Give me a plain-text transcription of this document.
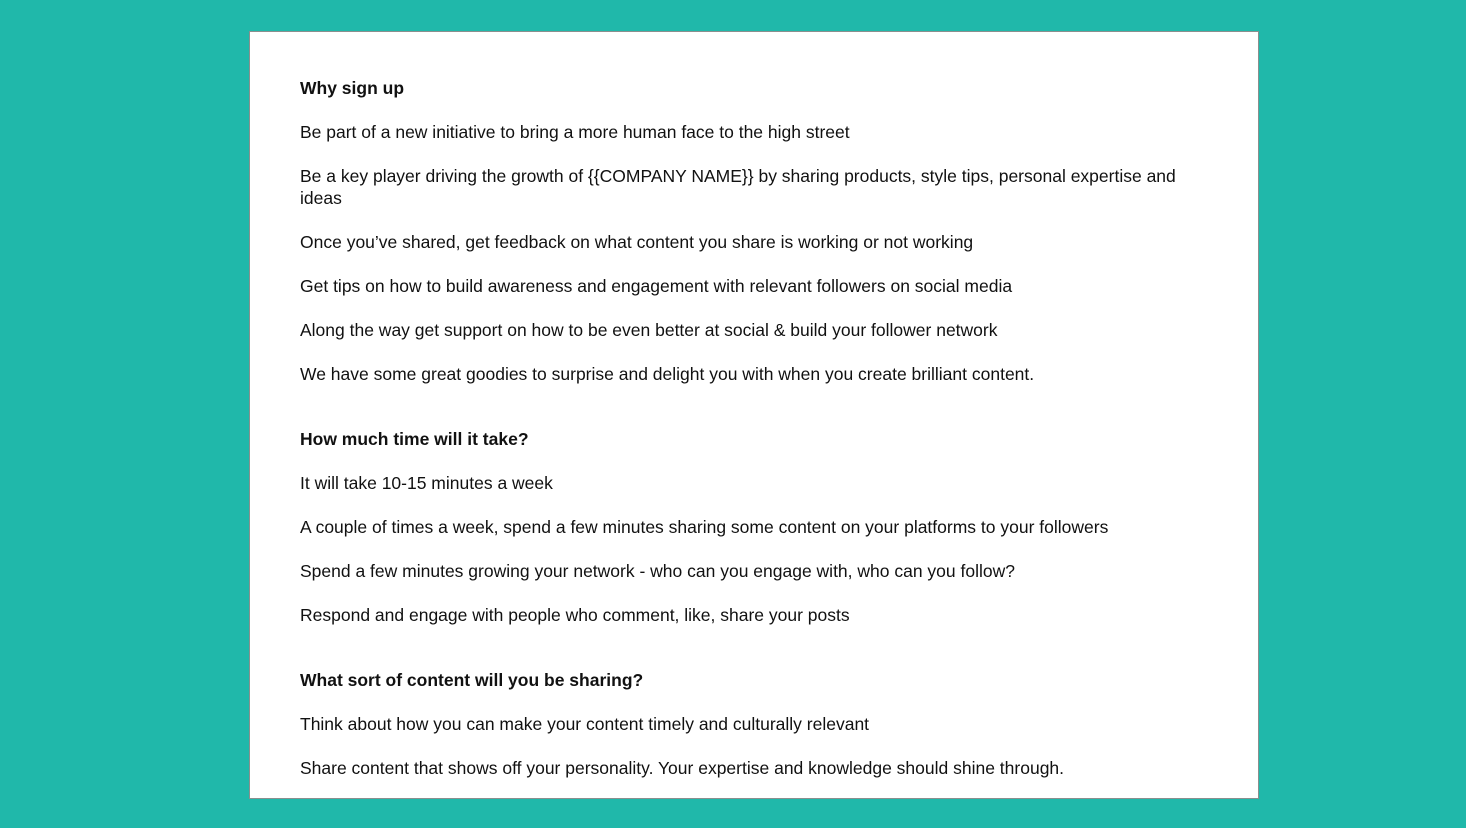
Why sign up
Be part of a new initiative to bring a more human face to the high street
Be a key player driving the growth of {{COMPANY NAME}} by sharing products, style tips, personal expertise and ideas
Once you’ve shared, get feedback on what content you share is working or not working
Get tips on how to build awareness and engagement with relevant followers on social media
Along the way get support on how to be even better at social & build your follower network
We have some great goodies to surprise and delight you with when you create brilliant content.
How much time will it take?
It will take 10-15 minutes a week
A couple of times a week, spend a few minutes sharing some content on your platforms to your followers
Spend a few minutes growing your network - who can you engage with, who can you follow?
Respond and engage with people who comment, like, share your posts
What sort of content will you be sharing?
Think about how you can make your content timely and culturally relevant
Share content that shows off your personality. Your expertise and knowledge should shine through.
